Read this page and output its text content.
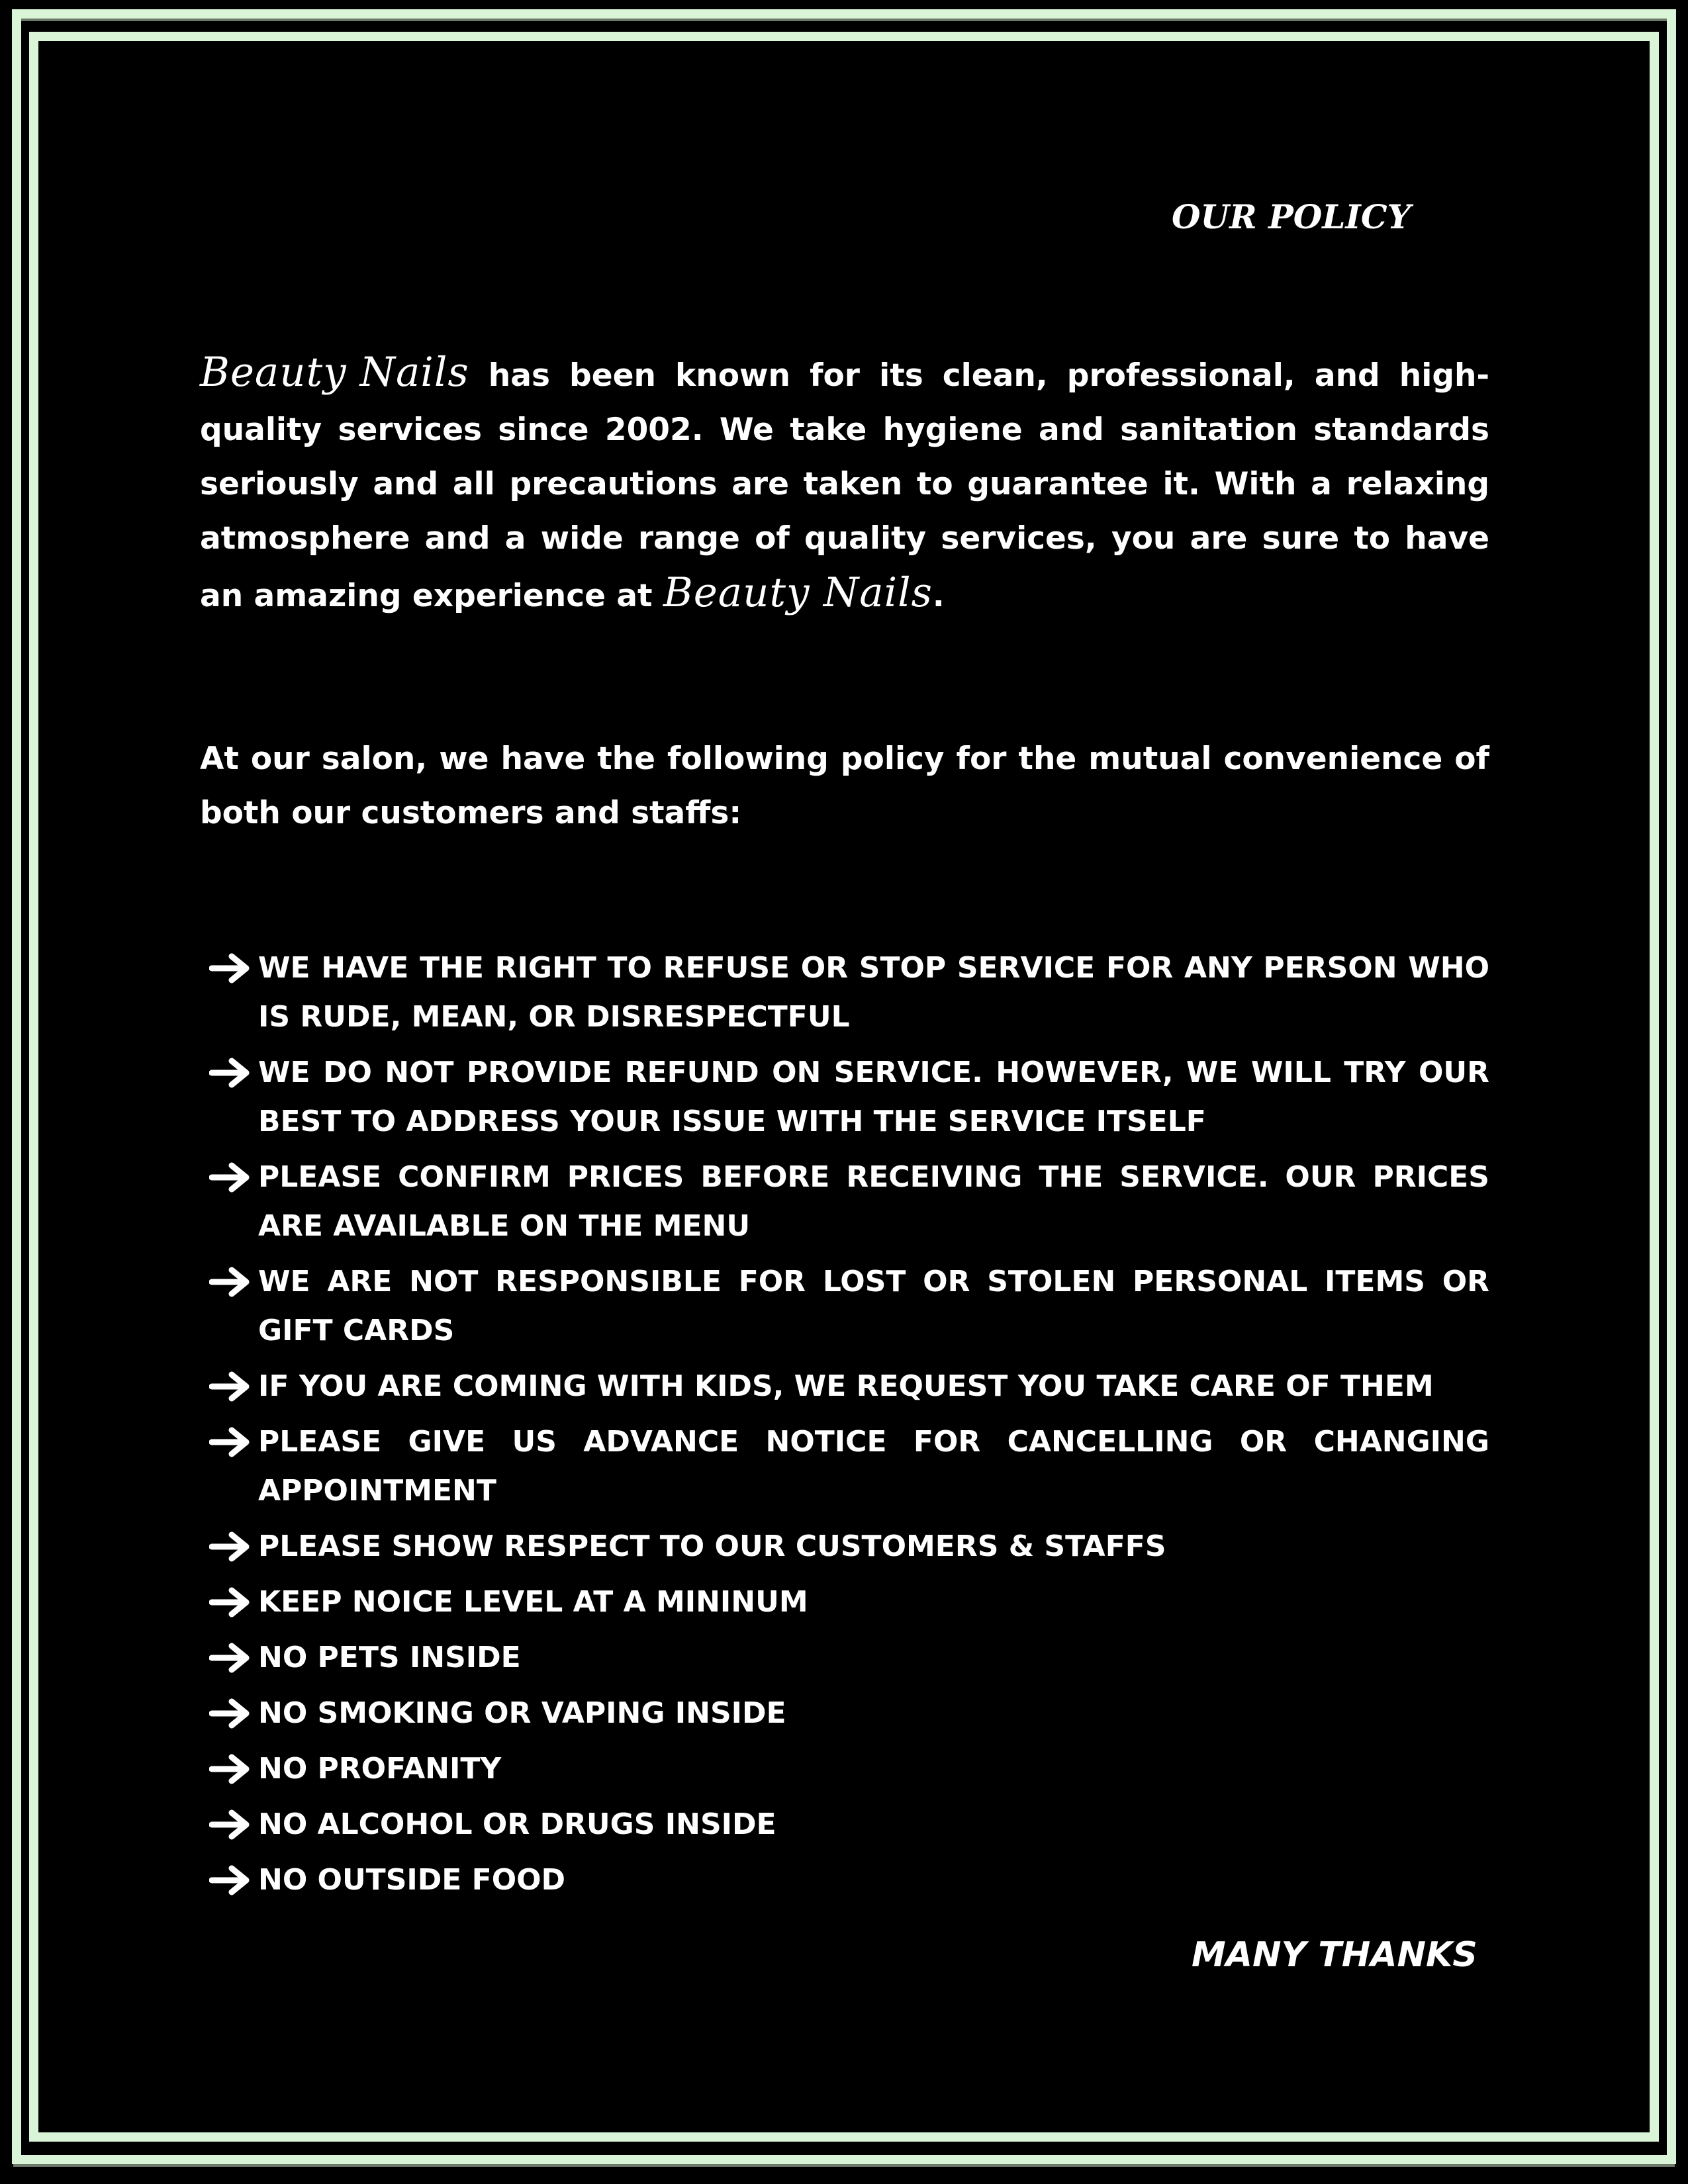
OUR POLICY

Beauty Nails has been known for its clean, professional, and high-quality services since 2002. We take hygiene and sanitation standards seriously and all precautions are taken to guarantee it. With a relaxing atmosphere and a wide range of quality services, you are sure to have an amazing experience at Beauty Nails.

At our salon, we have the following policy for the mutual convenience of both our customers and staffs:

WE HAVE THE RIGHT TO REFUSE OR STOP SERVICE FOR ANY PERSON WHO IS RUDE, MEAN, OR DISRESPECTFUL
WE DO NOT PROVIDE REFUND ON SERVICE. HOWEVER, WE WILL TRY OUR BEST TO ADDRESS YOUR ISSUE WITH THE SERVICE ITSELF
PLEASE CONFIRM PRICES BEFORE RECEIVING THE SERVICE. OUR PRICES ARE AVAILABLE ON THE MENU
WE ARE NOT RESPONSIBLE FOR LOST OR STOLEN PERSONAL ITEMS OR GIFT CARDS
IF YOU ARE COMING WITH KIDS, WE REQUEST YOU TAKE CARE OF THEM
PLEASE GIVE US ADVANCE NOTICE FOR CANCELLING OR CHANGING APPOINTMENT
PLEASE SHOW RESPECT TO OUR CUSTOMERS & STAFFS
KEEP NOICE LEVEL AT A MININUM
NO PETS INSIDE
NO SMOKING OR VAPING INSIDE
NO PROFANITY
NO ALCOHOL OR DRUGS INSIDE
NO OUTSIDE FOOD
MANY THANKS
